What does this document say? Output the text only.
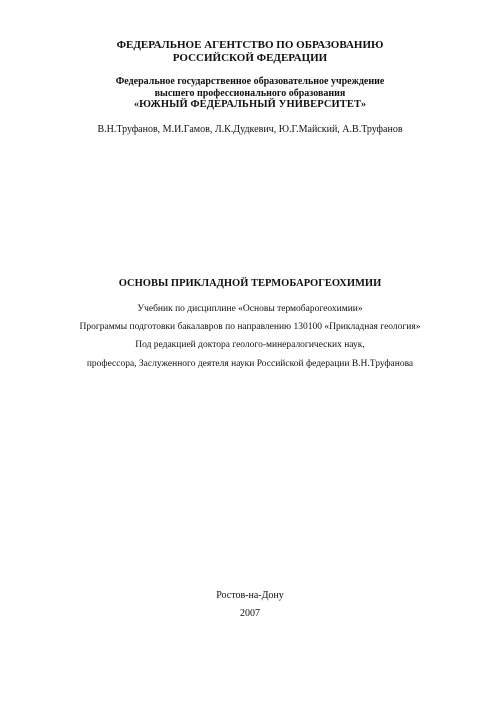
ФЕДЕРАЛЬНОЕ АГЕНТСТВО ПО ОБРАЗОВАНИЮ
РОССИЙСКОЙ ФЕДЕРАЦИИ
Федеральное государственное образовательное учреждение
высшего профессионального образования
«ЮЖНЫЙ ФЕДЕРАЛЬНЫЙ УНИВЕРСИТЕТ»
В.Н.Труфанов, М.И.Гамов, Л.К.Дудкевич, Ю.Г.Майский, А.В.Труфанов
ОСНОВЫ ПРИКЛАДНОЙ ТЕРМОБАРОГЕОХИМИИ
Учебник по дисциплине «Основы термобарогеохимии»
Программы подготовки бакалавров по направлению 130100 «Прикладная геология»
Под редакцией доктора геолого-минералогических наук,
профессора, Заслуженного деятеля науки Российской федерации В.Н.Труфанова
Ростов-на-Дону
2007
